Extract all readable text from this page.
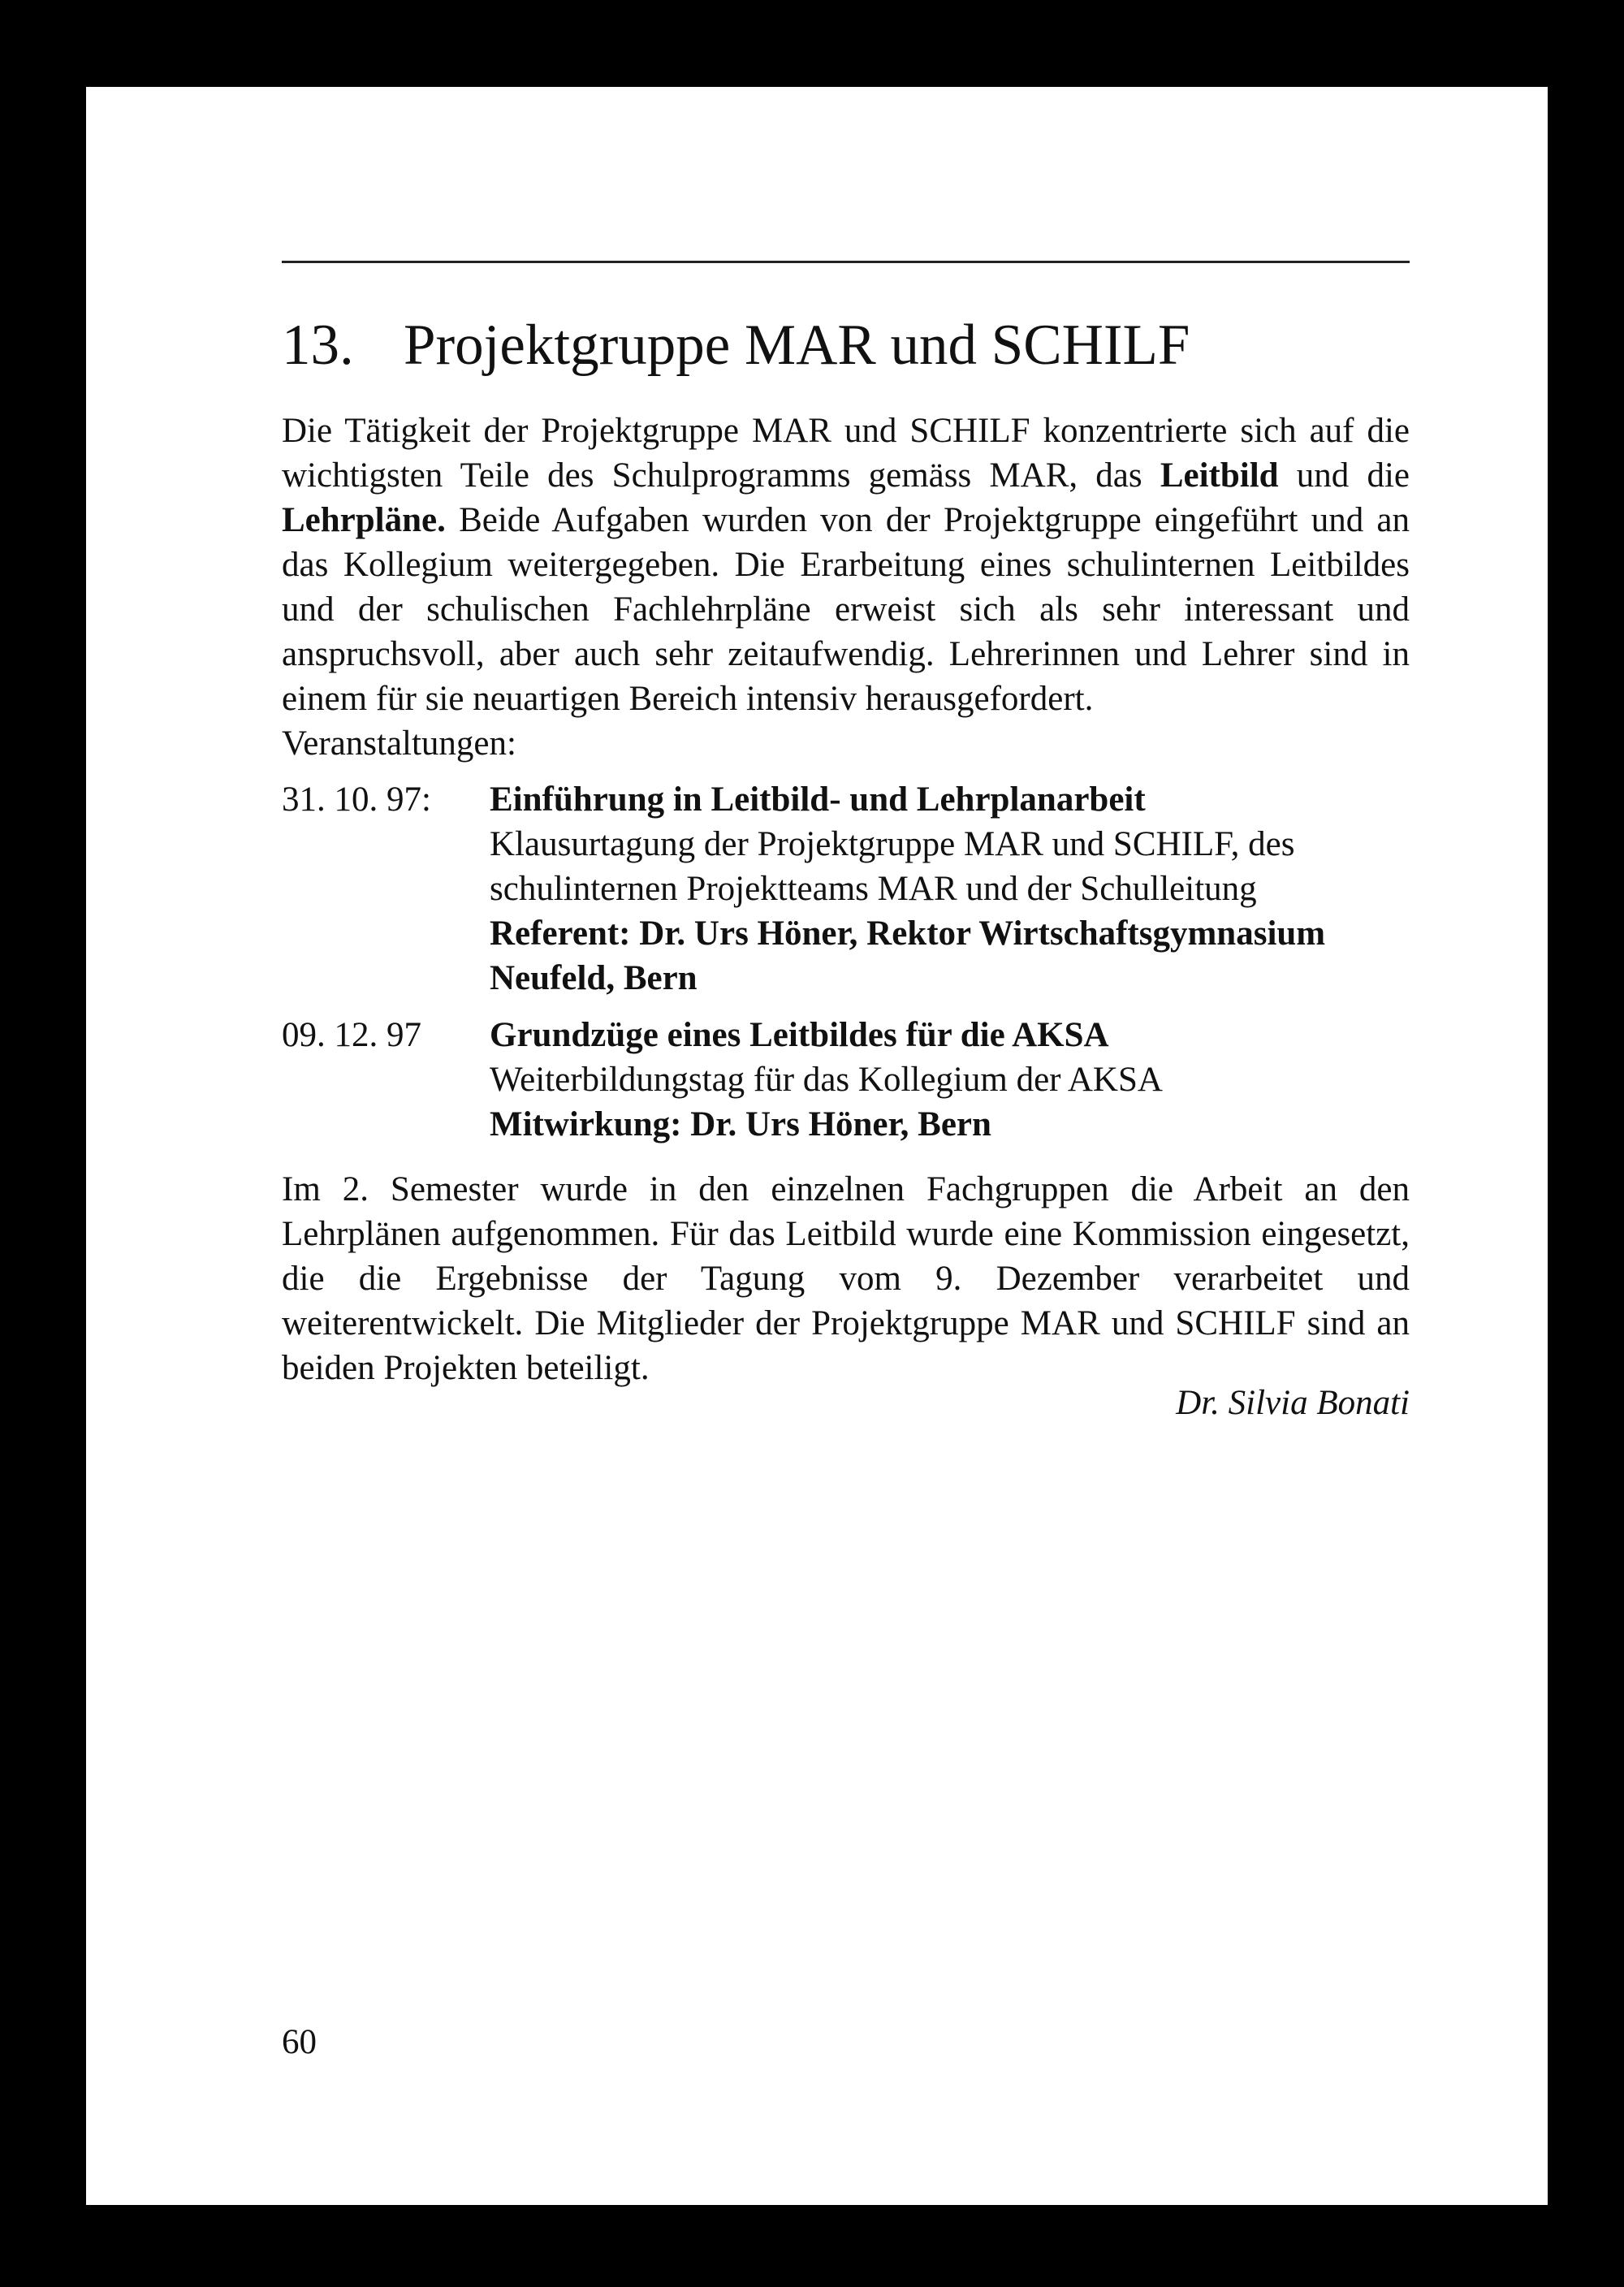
13. Projektgruppe MAR und SCHILF

Die Tätigkeit der Projektgruppe MAR und SCHILF konzentrierte sich auf die wichtigsten Teile des Schulprogramms gemäss MAR, das Leitbild und die Lehrpläne. Beide Aufgaben wurden von der Projektgruppe eingeführt und an das Kollegium weitergegeben. Die Erarbeitung eines schulinternen Leitbildes und der schulischen Fachlehrpläne erweist sich als sehr interessant und anspruchsvoll, aber auch sehr zeitaufwendig. Lehrerinnen und Lehrer sind in einem für sie neuartigen Bereich intensiv herausgefordert.

Veranstaltungen:
31. 10. 97:	Einführung in Leitbild- und Lehrplanarbeit
Klausurtagung der Projektgruppe MAR und SCHILF, des
schulinternen Projektteams MAR und der Schulleitung
Referent: Dr. Urs Höner, Rektor Wirtschaftsgymnasium
Neufeld, Bern
09. 12. 97	Grundzüge eines Leitbildes für die AKSA
Weiterbildungstag für das Kollegium der AKSA
Mitwirkung: Dr. Urs Höner, Bern

Im 2. Semester wurde in den einzelnen Fachgruppen die Arbeit an den Lehrplänen aufgenommen. Für das Leitbild wurde eine Kommission eingesetzt, die die Ergebnisse der Tagung vom 9. Dezember verarbeitet und weiterentwickelt. Die Mitglieder der Projektgruppe MAR und SCHILF sind an beiden Projekten beteiligt.

Dr. Silvia Bonati
60
